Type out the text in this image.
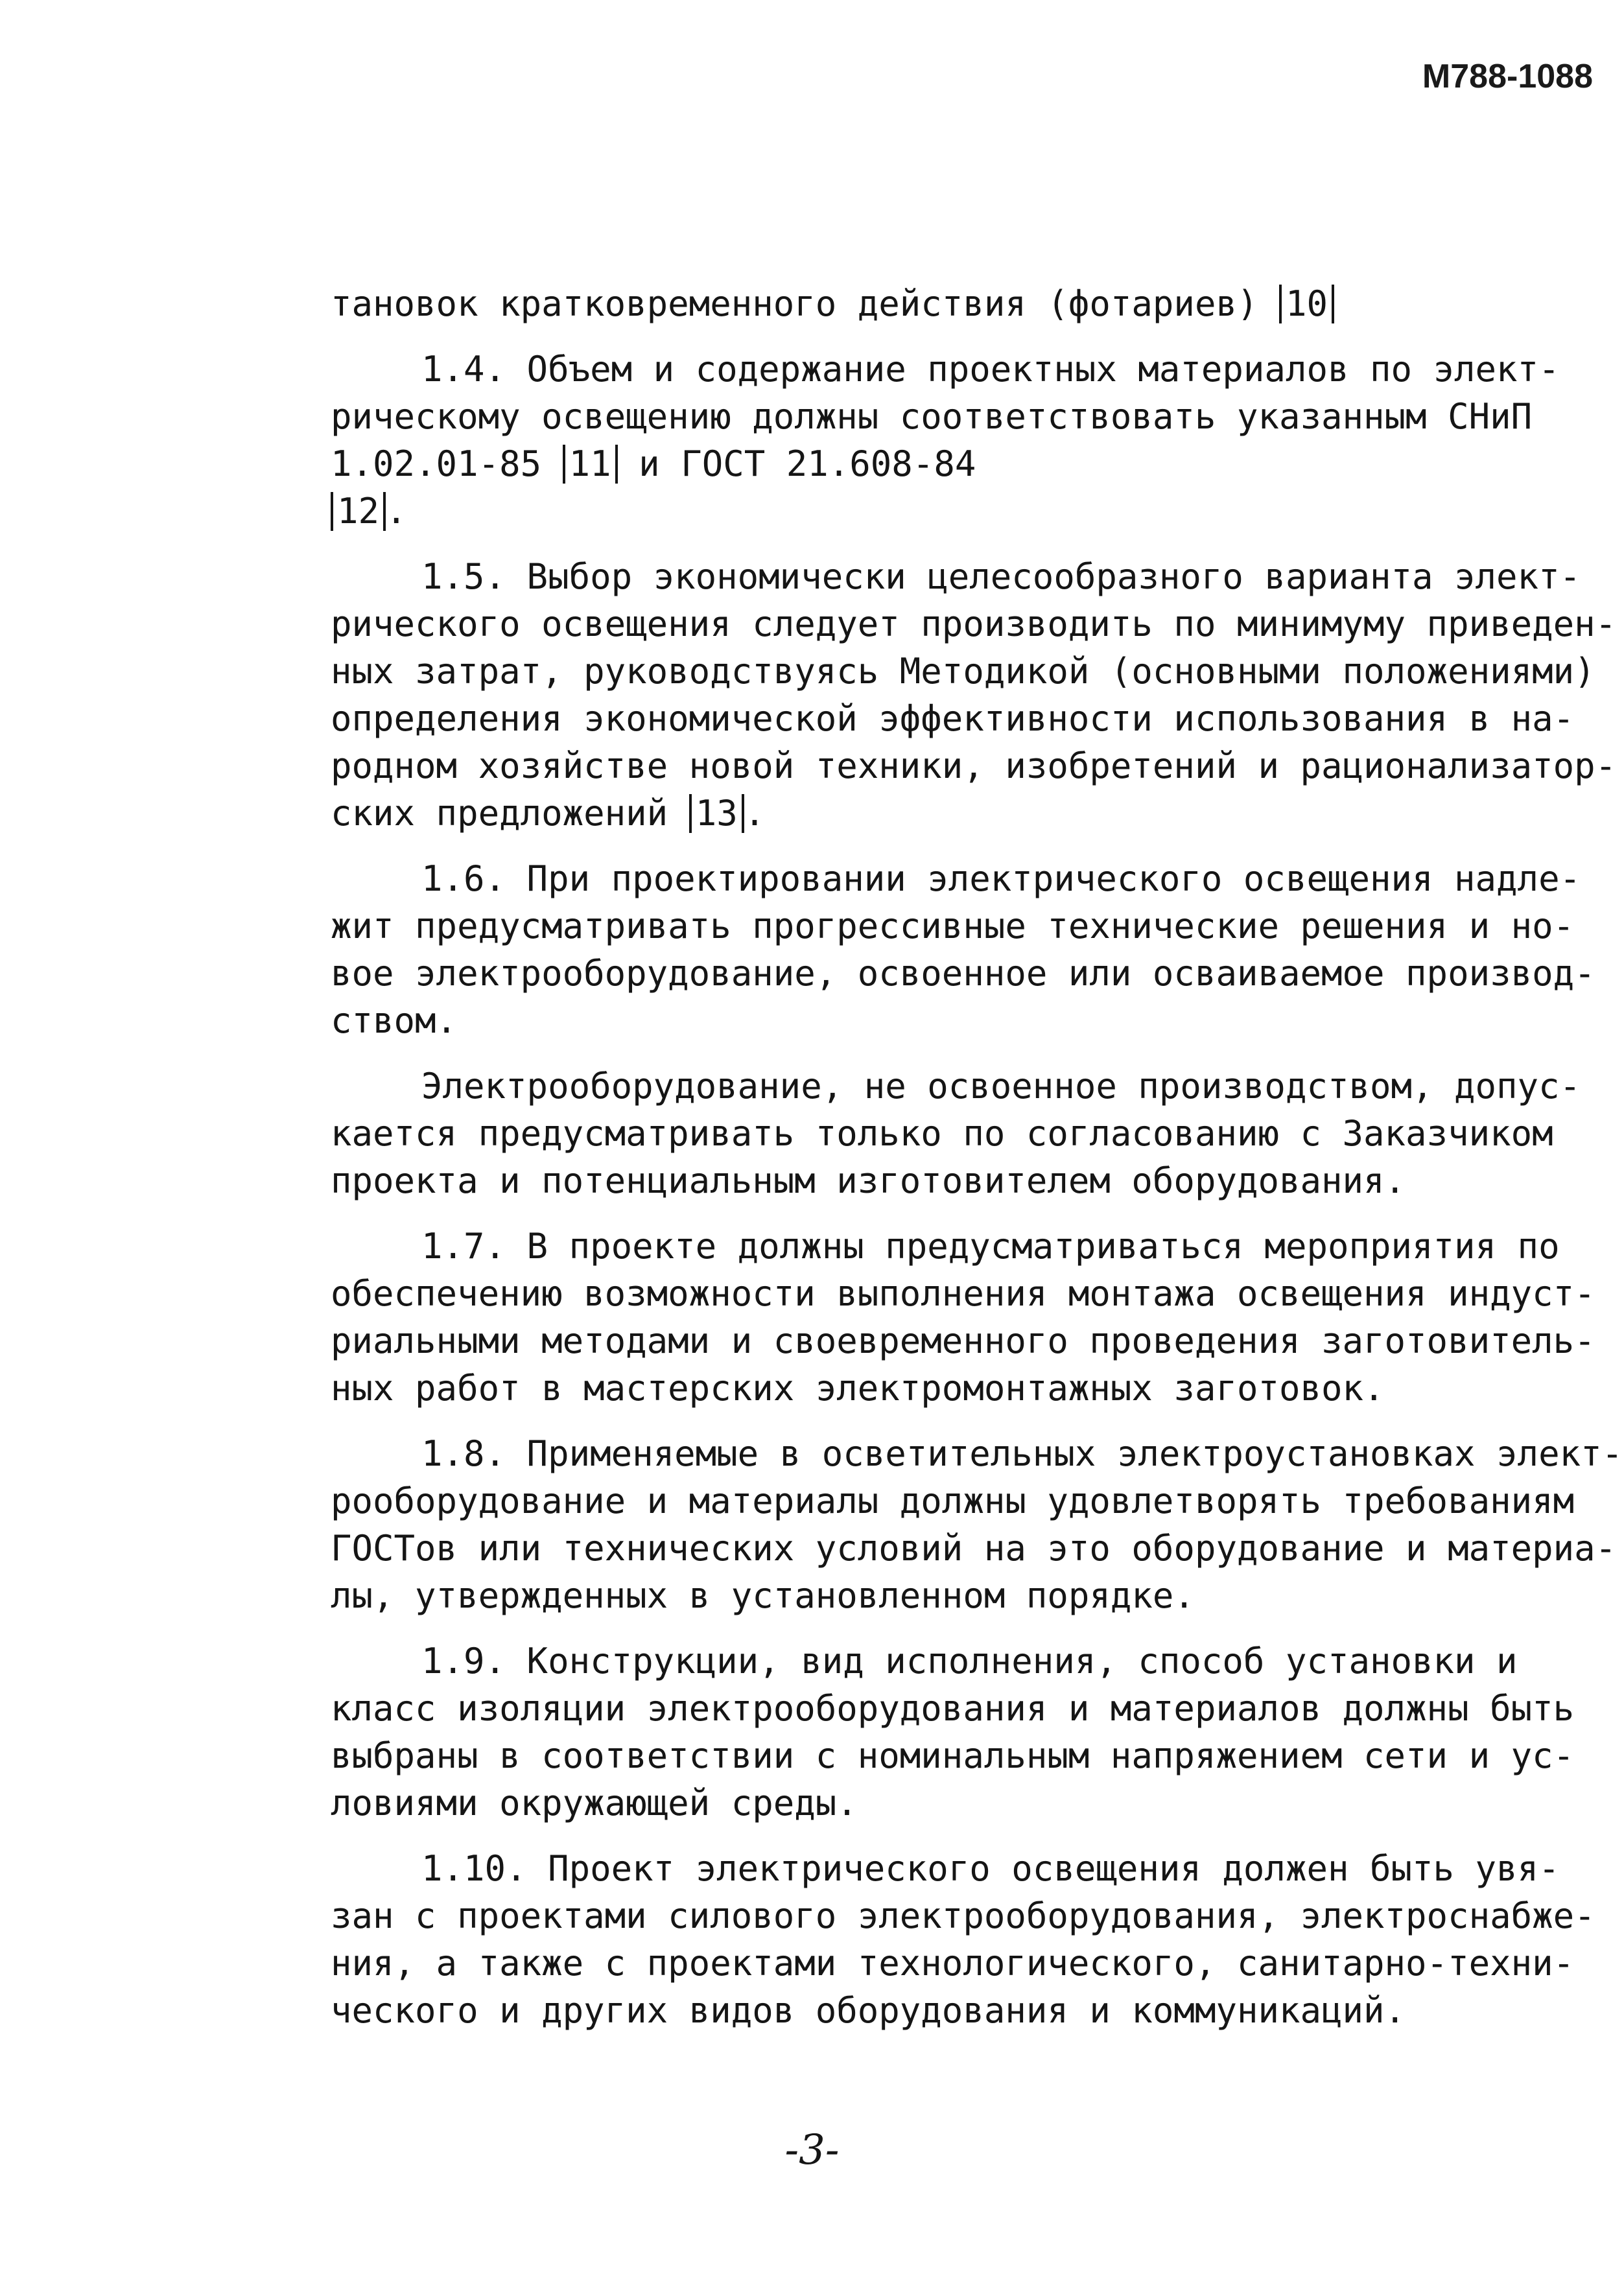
М788-1088
тановок кратковременного действия (фотариев) 10
1.4. Объем и содержание проектных материалов по элект-
рическому освещению должны соответствовать указанным СНиП
1.02.01-85 11 и ГОСТ 21.608-84
12 .
1.5. Выбор экономически целесообразного варианта элект-
рического освещения следует производить по минимуму приведен-
ных затрат, руководствуясь Методикой (основными положениями)
определения экономической эффективности использования в на-
родном хозяйстве новой техники, изобретений и рационализатор-
ских предложений 13 .
1.6. При проектировании электрического освещения надле-
жит предусматривать прогрессивные технические решения и но-
вое электрооборудование, освоенное или осваиваемое производ-
ством.
Электрооборудование, не освоенное производством, допус-
кается предусматривать только по согласованию с Заказчиком
проекта и потенциальным изготовителем оборудования.
1.7. В проекте должны предусматриваться мероприятия по
обеспечению возможности выполнения монтажа освещения индуст-
риальными методами и своевременного проведения заготовитель-
ных работ в мастерских электромонтажных заготовок.
1.8. Применяемые в осветительных электроустановках элект-
рооборудование и материалы должны удовлетворять требованиям
ГОСТов или технических условий на это оборудование и материа-
лы, утвержденных в установленном порядке.
1.9. Конструкции, вид исполнения, способ установки и
класс изоляции электрооборудования и материалов должны быть
выбраны в соответствии с номинальным напряжением сети и ус-
ловиями окружающей среды.
1.10. Проект электрического освещения должен быть увя-
зан с проектами силового электрооборудования, электроснабже-
ния, а также с проектами технологического, санитарно-техни-
ческого и других видов оборудования и коммуникаций.
-3-
